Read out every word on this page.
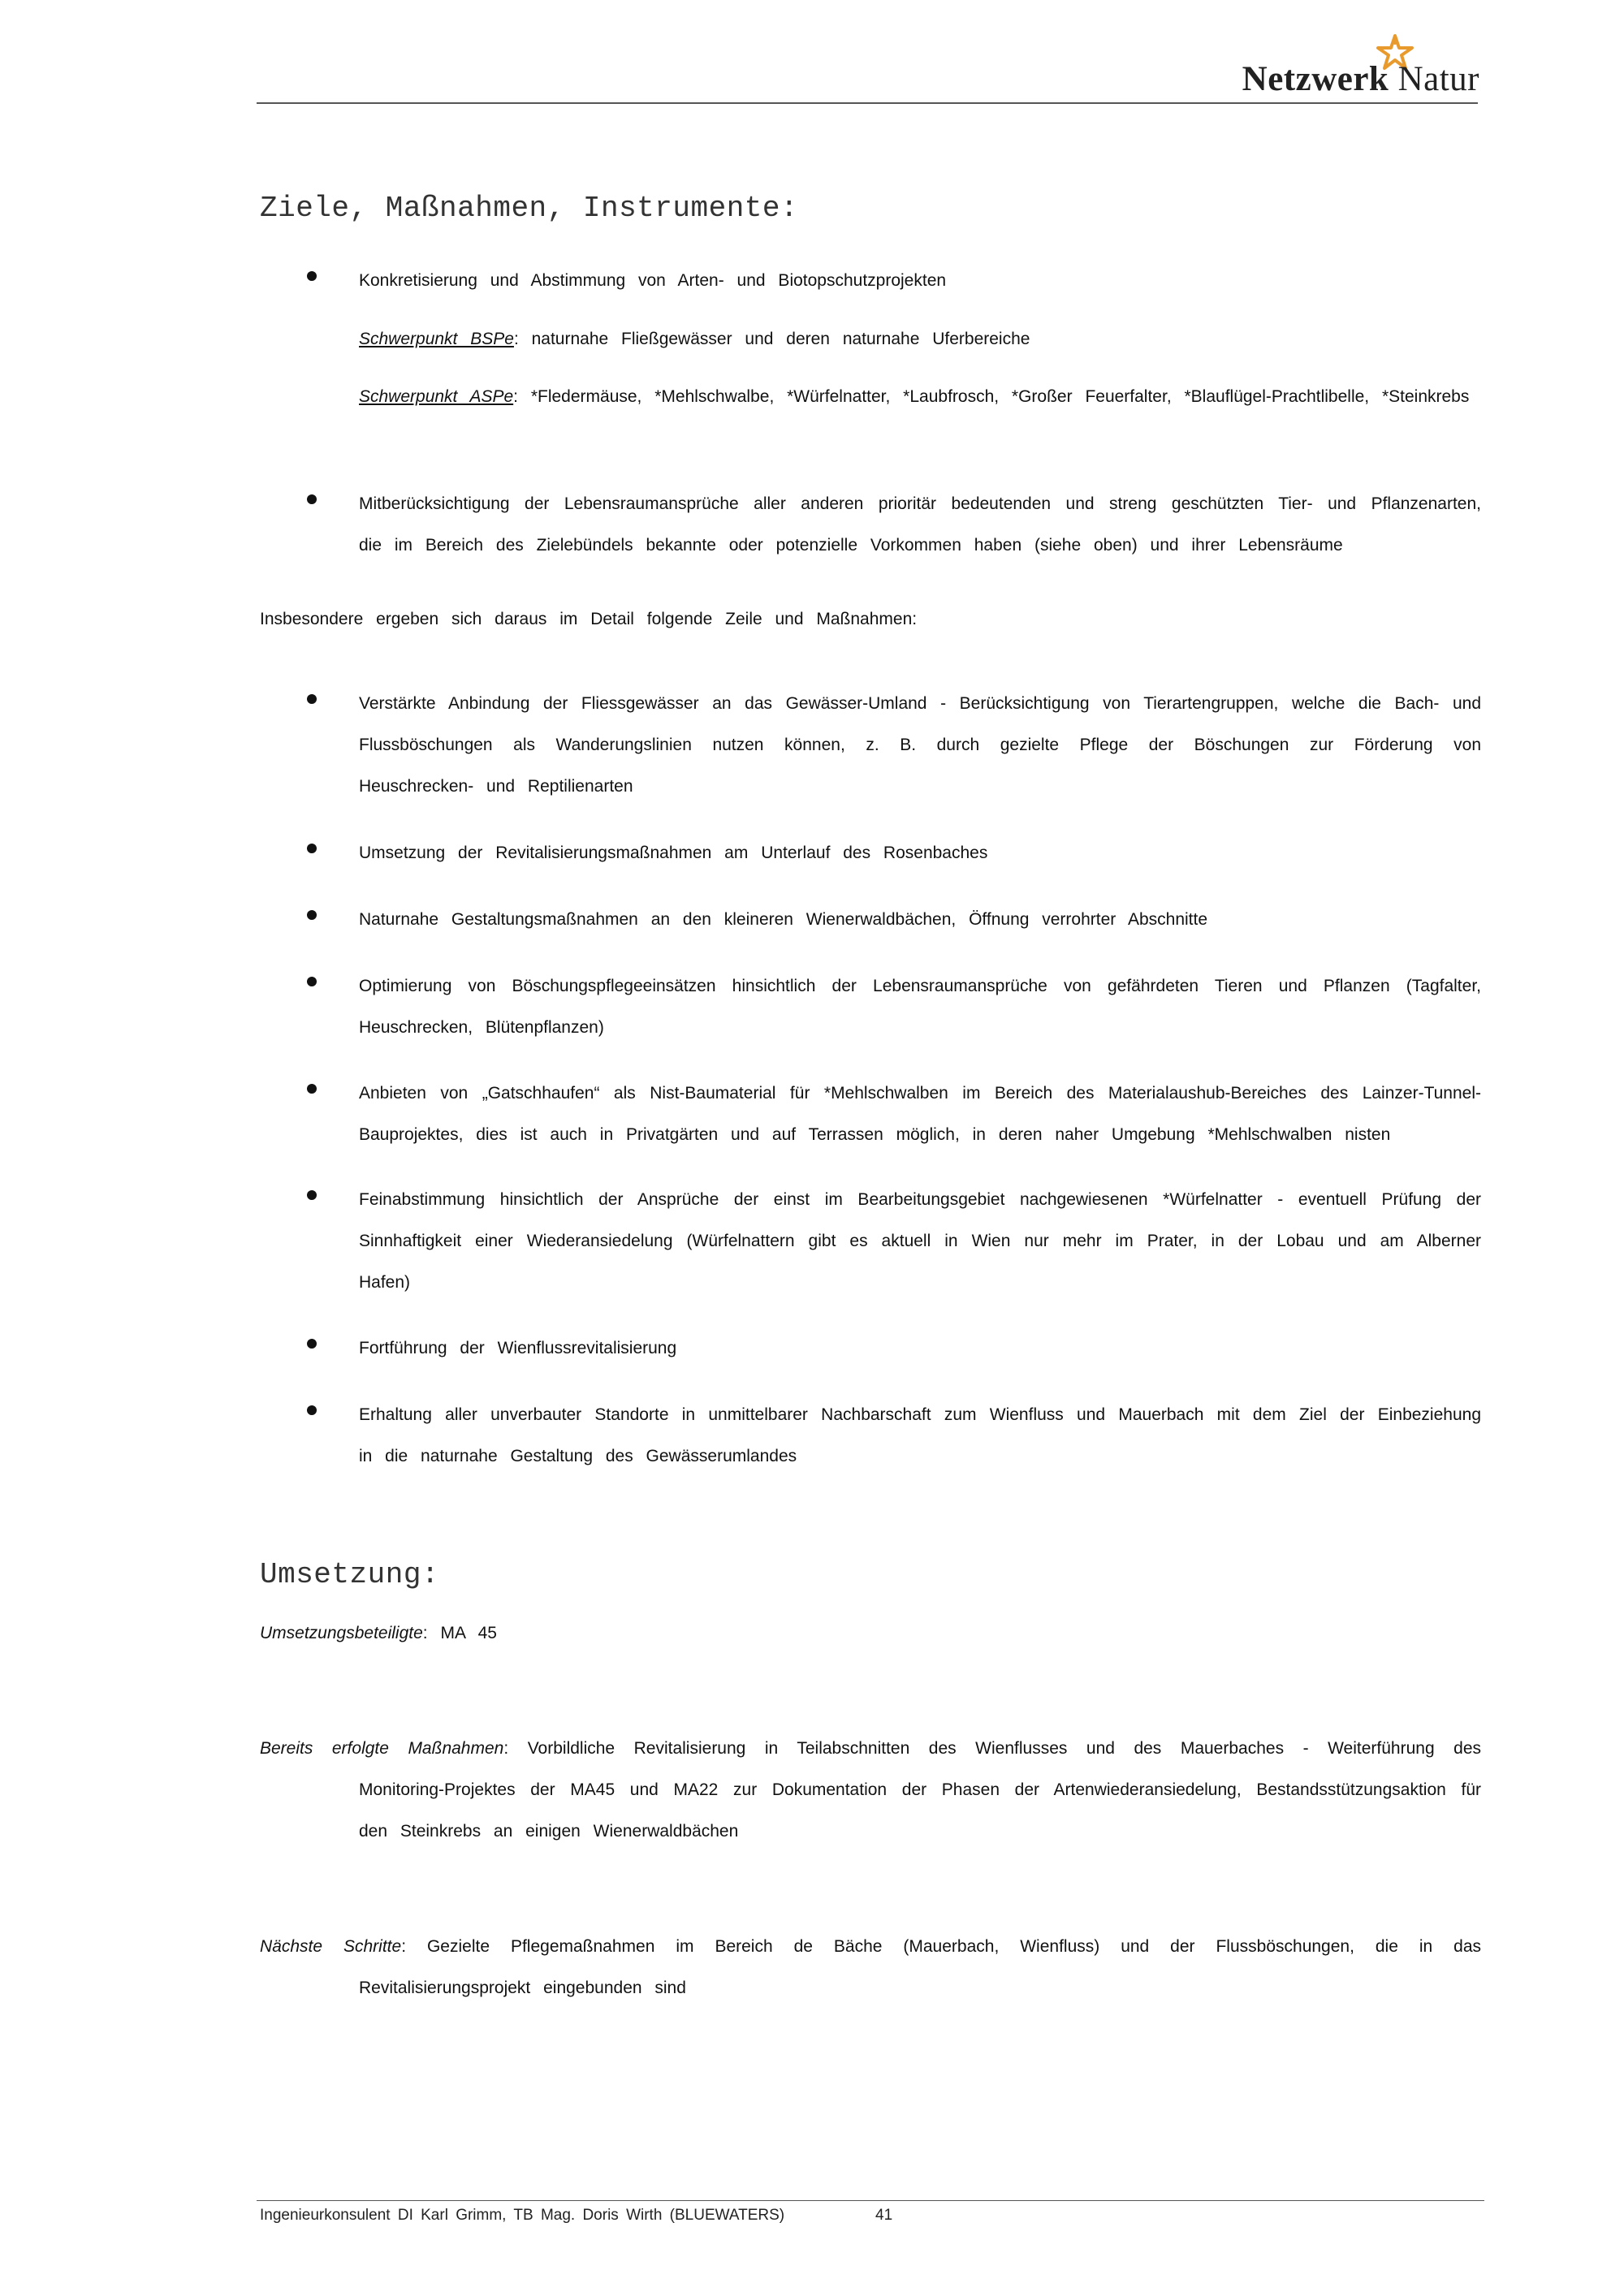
Netzwerk Natur
Ziele, Maßnahmen, Instrumente:
Konkretisierung und Abstimmung von Arten- und Biotopschutzprojekten
Schwerpunkt BSPe: naturnahe Fließgewässer und deren naturnahe Uferbereiche
Schwerpunkt ASPe: *Fledermäuse, *Mehlschwalbe, *Würfelnatter, *Laubfrosch, *Großer Feuerfalter, *Blauflügel-Prachtlibelle, *Steinkrebs
Mitberücksichtigung der Lebensraumansprüche aller anderen prioritär bedeutenden und streng geschützten Tier- und Pflanzenarten, die im Bereich des Zielebündels bekannte oder potenzielle Vorkommen haben (siehe oben) und ihrer Lebensräume
Insbesondere ergeben sich daraus im Detail folgende Zeile und Maßnahmen:
Verstärkte Anbindung der Fliessgewässer an das Gewässer-Umland - Berücksichtigung von Tierartengruppen, welche die Bach- und Flussböschungen als Wanderungslinien nutzen können, z. B. durch gezielte Pflege der Böschungen zur Förderung von Heuschrecken- und Reptilienarten
Umsetzung der Revitalisierungsmaßnahmen am Unterlauf des Rosenbaches
Naturnahe Gestaltungsmaßnahmen an den kleineren Wienerwaldbächen, Öffnung verrohrter Abschnitte
Optimierung von Böschungspflegeeinsätzen hinsichtlich der Lebensraumansprüche von gefährdeten Tieren und Pflanzen (Tagfalter, Heuschrecken, Blütenpflanzen)
Anbieten von „Gatschhaufen“ als Nist-Baumaterial für *Mehlschwalben im Bereich des Materialaushub-Bereiches des Lainzer-Tunnel-Bauprojektes, dies ist auch in Privatgärten und auf Terrassen möglich, in deren naher Umgebung *Mehlschwalben nisten
Feinabstimmung hinsichtlich der Ansprüche der einst im Bearbeitungsgebiet nachgewiesenen *Würfelnatter - eventuell Prüfung der Sinnhaftigkeit einer Wiederansiedelung (Würfelnattern gibt es aktuell in Wien nur mehr im Prater, in der Lobau und am Alberner Hafen)
Fortführung der Wienflussrevitalisierung
Erhaltung aller unverbauter Standorte in unmittelbarer Nachbarschaft zum Wienfluss und Mauerbach mit dem Ziel der Einbeziehung in die naturnahe Gestaltung des Gewässerumlandes
Umsetzung:
Umsetzungsbeteiligte: MA 45
Bereits erfolgte Maßnahmen: Vorbildliche Revitalisierung in Teilabschnitten des Wienflusses und des Mauerbaches - Weiterführung des Monitoring-Projektes der MA45 und MA22 zur Dokumentation der Phasen der Artenwiederansiedelung, Bestandsstützungsaktion für den Steinkrebs an einigen Wienerwaldbächen
Nächste Schritte: Gezielte Pflegemaßnahmen im Bereich de Bäche (Mauerbach, Wienfluss) und der Flussböschungen, die in das Revitalisierungsprojekt eingebunden sind
Ingenieurkonsulent DI Karl Grimm, TB Mag. Doris Wirth (BLUEWATERS)	41
